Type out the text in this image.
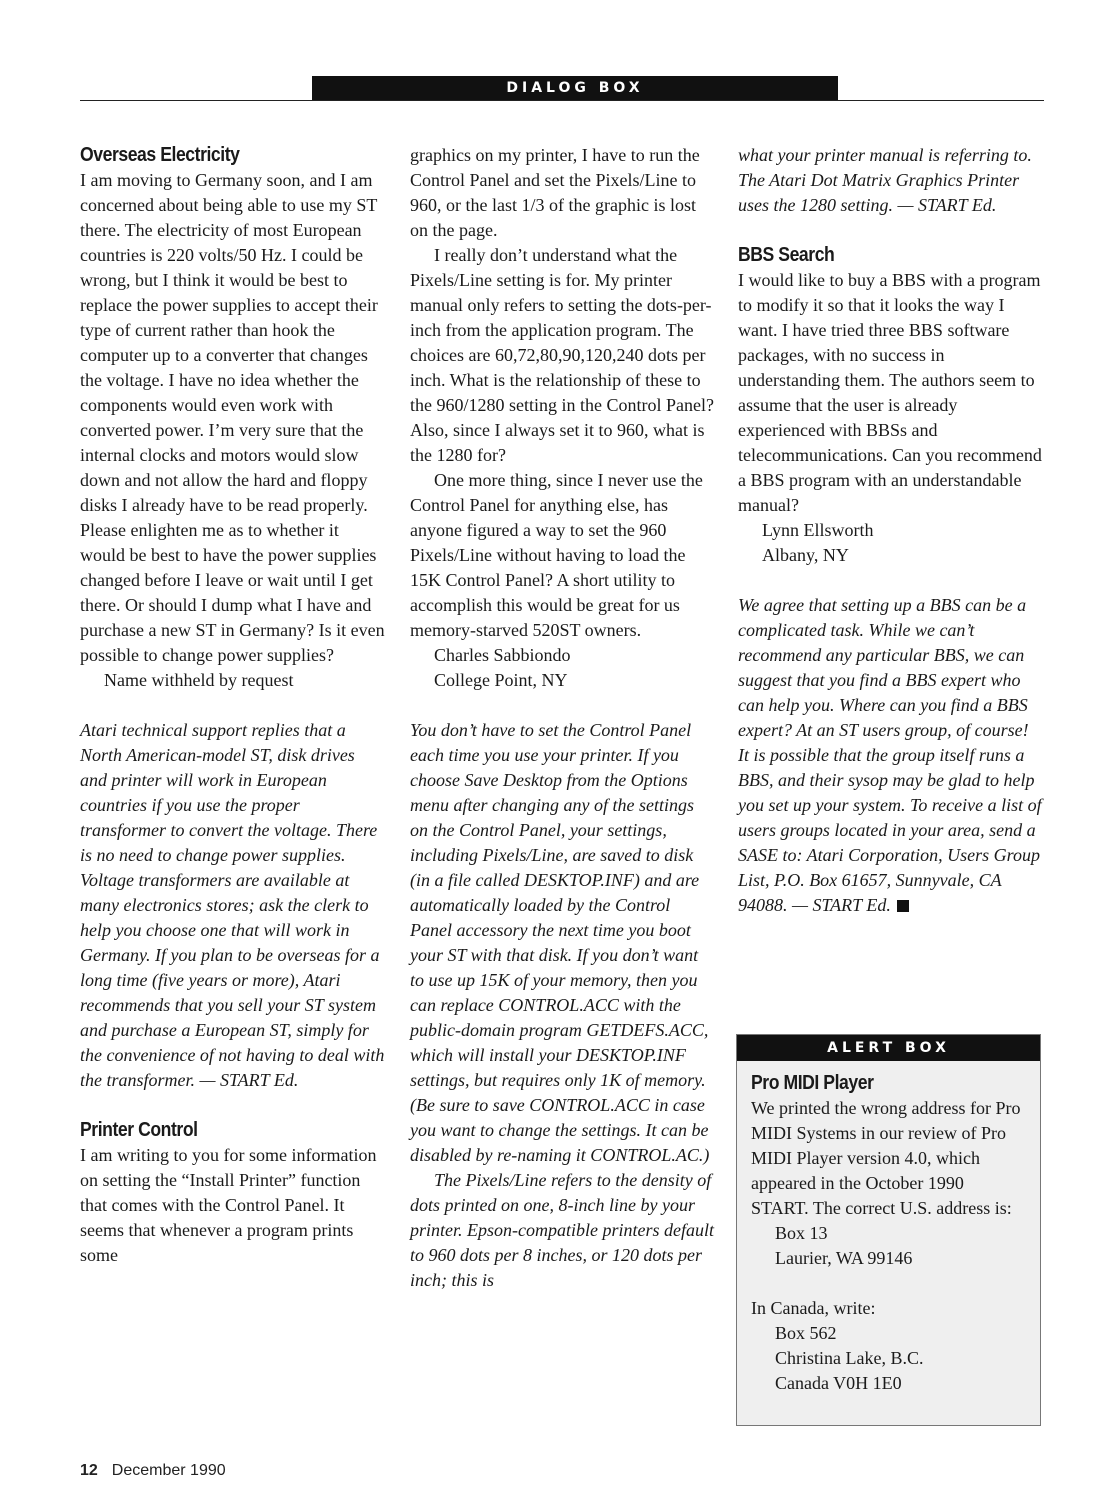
DIALOG BOX
Overseas Electricity

I am moving to Germany soon, and I am concerned about being able to use my ST there. The electricity of most European countries is 220 volts/50 Hz. I could be wrong, but I think it would be best to replace the power supplies to accept their type of current rather than hook the computer up to a converter that changes the voltage. I have no idea whether the components would even work with converted power. I’m very sure that the internal clocks and motors would slow down and not allow the hard and floppy disks I already have to be read properly. Please enlighten me as to whether it would be best to have the power supplies changed before I leave or wait until I get there. Or should I dump what I have and purchase a new ST in Germany? Is it even possible to change power supplies?

Name withheld by request

Atari technical support replies that a North American-model ST, disk drives and printer will work in European countries if you use the proper transformer to convert the voltage. There is no need to change power supplies. Voltage transformers are available at many electronics stores; ask the clerk to help you choose one that will work in Germany. If you plan to be overseas for a long time (five years or more), Atari recommends that you sell your ST system and purchase a European ST, simply for the convenience of not having to deal with the transformer. — START Ed.

Printer Control

I am writing to you for some information on setting the “Install Printer” function that comes with the Control Panel. It seems that whenever a program prints some

graphics on my printer, I have to run the Control Panel and set the Pixels/Line to 960, or the last 1/3 of the graphic is lost on the page.

I really don’t understand what the Pixels/Line setting is for. My printer manual only refers to setting the dots-per-inch from the application program. The choices are 60,72,80,90,120,240 dots per inch. What is the relationship of these to the 960/1280 setting in the Control Panel? Also, since I always set it to 960, what is the 1280 for?

One more thing, since I never use the Control Panel for anything else, has anyone figured a way to set the 960 Pixels/Line without having to load the 15K Control Panel? A short utility to accomplish this would be great for us memory-starved 520ST owners.

Charles Sabbiondo

College Point, NY

You don’t have to set the Control Panel each time you use your printer. If you choose Save Desktop from the Options menu after changing any of the settings on the Control Panel, your settings, including Pixels/Line, are saved to disk (in a file called DESKTOP.INF) and are automatically loaded by the Control Panel accessory the next time you boot your ST with that disk. If you don’t want to use up 15K of your memory, then you can replace CONTROL.ACC with the public-domain program GETDEFS.ACC, which will install your DESKTOP.INF settings, but requires only 1K of memory. (Be sure to save CONTROL.ACC in case you want to change the settings. It can be disabled by re-naming it CONTROL.AC.)

The Pixels/Line refers to the density of dots printed on one, 8-inch line by your printer. Epson-compatible printers default to 960 dots per 8 inches, or 120 dots per inch; this is

what your printer manual is referring to. The Atari Dot Matrix Graphics Printer uses the 1280 setting. — START Ed.

BBS Search

I would like to buy a BBS with a program to modify it so that it looks the way I want. I have tried three BBS software packages, with no success in understanding them. The authors seem to assume that the user is already experienced with BBSs and telecommunications. Can you recommend a BBS program with an understandable manual?

Lynn Ellsworth

Albany, NY

We agree that setting up a BBS can be a complicated task. While we can’t recommend any particular BBS, we can suggest that you find a BBS expert who can help you. Where can you find a BBS expert? At an ST users group, of course! It is possible that the group itself runs a BBS, and their sysop may be glad to help you set up your system. To receive a list of users groups located in your area, send a SASE to: Atari Corporation, Users Group List, P.O. Box 61657, Sunnyvale, CA 94088. — START Ed.

ALERT BOX
Pro MIDI Player

We printed the wrong address for Pro MIDI Systems in our review of Pro MIDI Player version 4.0, which appeared in the October 1990 START. The correct U.S. address is:

Box 13

Laurier, WA 99146

In Canada, write:

Box 562

Christina Lake, B.C.

Canada V0H 1E0

12 December 1990
